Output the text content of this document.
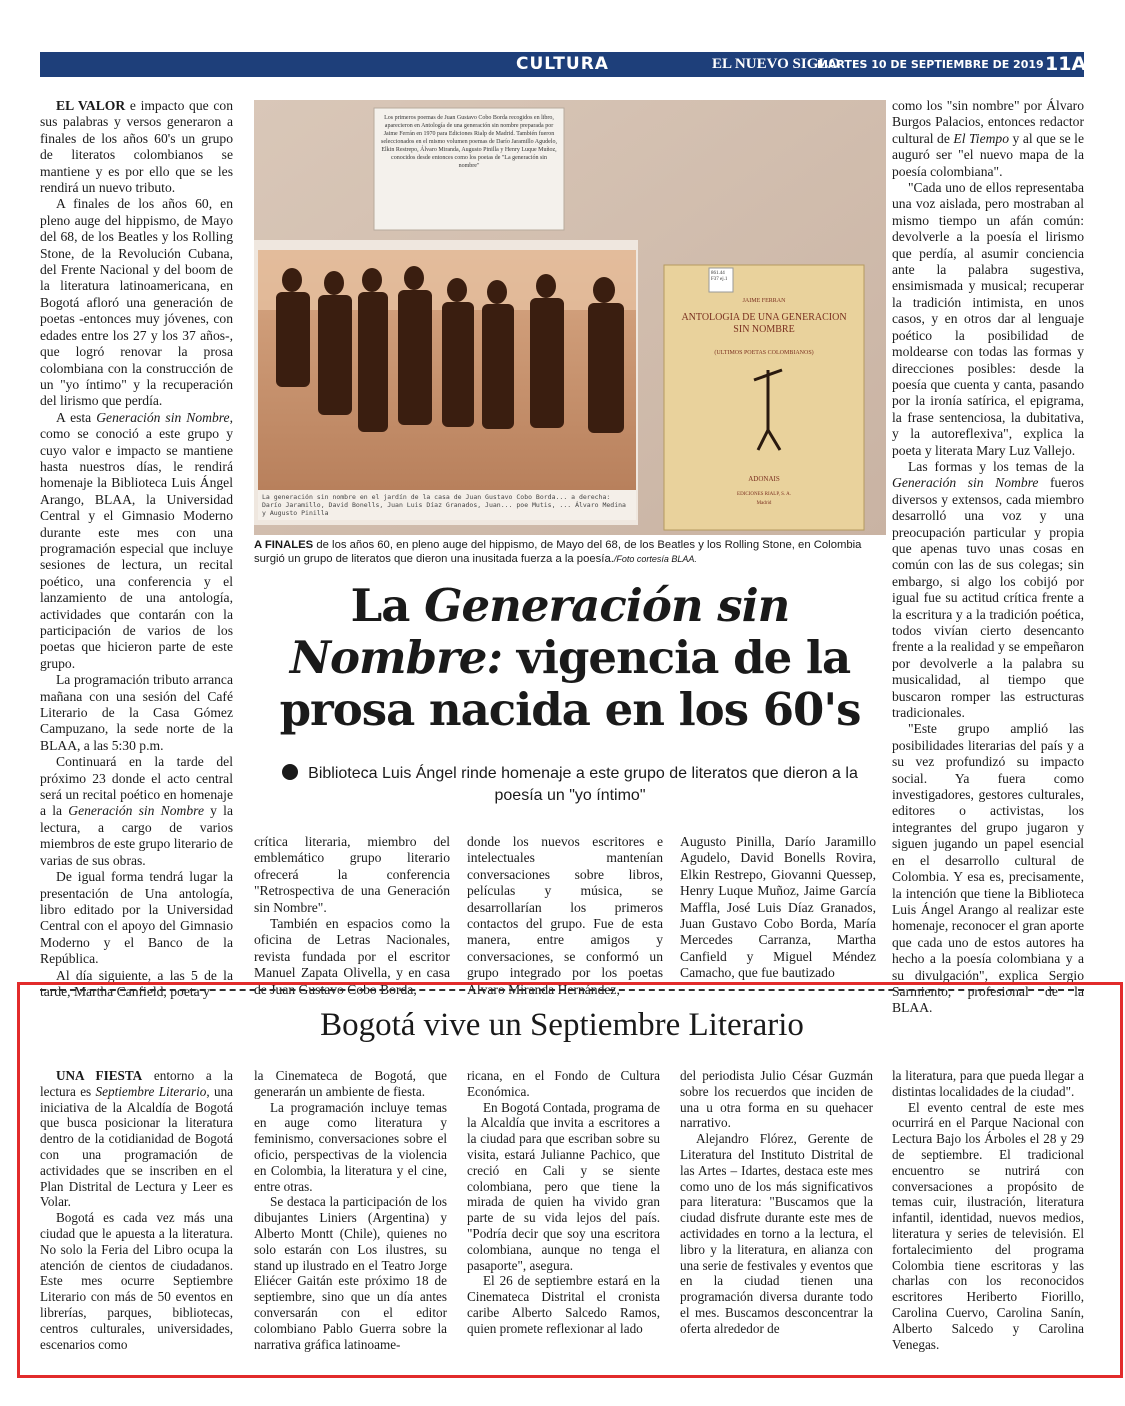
CULTURA	EL NUEVO SIGLO
MARTES 10 DE SEPTIEMBRE DE 2019 11A

EL VALOR e impacto que con sus palabras y versos generaron a finales de los años 60's un grupo de literatos colombianos se mantiene y es por ello que se les rendirá un nuevo tributo.

A finales de los años 60, en pleno auge del hippismo, de Mayo del 68, de los Beatles y los Rolling Stone, de la Revolución Cubana, del Frente Nacional y del boom de la literatura latinoamericana, en Bogotá afloró una generación de poetas -entonces muy jóvenes, con edades entre los 27 y los 37 años-, que logró renovar la prosa colombiana con la construcción de un "yo íntimo" y la recuperación del lirismo que perdía.

A esta Generación sin Nombre, como se conoció a este grupo y cuyo valor e impacto se mantiene hasta nuestros días, le rendirá homenaje la Biblioteca Luis Ángel Arango, BLAA, la Universidad Central y el Gimnasio Moderno durante este mes con una programación especial que incluye sesiones de lectura, un recital poético, una conferencia y el lanzamiento de una antología, actividades que contarán con la participación de varios de los poetas que hicieron parte de este grupo.

La programación tributo arranca mañana con una sesión del Café Literario de la Casa Gómez Campuzano, la sede norte de la BLAA, a las 5:30 p.m.

Continuará en la tarde del próximo 23 donde el acto central será un recital poético en homenaje a la Generación sin Nombre y la lectura, a cargo de varios miembros de este grupo literario de varias de sus obras.

De igual forma tendrá lugar la presentación de Una antología, libro editado por la Universidad Central con el apoyo del Gimnasio Moderno y el Banco de la República.

Al día siguiente, a las 5 de la tarde, Martha Canfield, poeta y

Los primeros poemas de Juan Gustavo Cobo Borda recogidos en libro, aparecieron en Antología de una generación sin nombre preparada por Jaime Ferrán en 1970 para Ediciones Rialp de Madrid. También fueron seleccionados en el mismo volumen poemas de Darío Jaramillo Agudelo, Elkin Restrepo, Álvaro Miranda, Augusto Pinilla y Henry Luque Muñoz, conocidos desde entonces como los poetas de "La generación sin nombre"
La generación sin nombre en el jardín de la casa de Juan Gustavo Cobo Borda... a derecha: Darío Jaramillo, David Bonells, Juan Luis Díaz Granados, Juan... poe Mutis, ... Álvaro Medina y Augusto Pinilla
861.44 F37 ej.1
JAIME FERRAN
ANTOLOGIA DE UNA GENERACION SIN NOMBRE
(ULTIMOS POETAS COLOMBIANOS)
ADONAIS
EDICIONES RIALP, S. A.
Madrid
A FINALES de los años 60, en pleno auge del hippismo, de Mayo del 68, de los Beatles y los Rolling Stone, en Colombia surgió un grupo de literatos que dieron una inusitada fuerza a la poesía./Foto cortesía BLAA.
La Generación sin Nombre: vigencia de la prosa nacida en los 60's
Biblioteca Luis Ángel rinde homenaje a este grupo de literatos que dieron a la poesía un "yo íntimo"

crítica literaria, miembro del emblemático grupo literario ofrecerá la conferencia "Retrospectiva de una Generación sin Nombre".

También en espacios como la oficina de Letras Nacionales, revista fundada por el escritor Manuel Zapata Olivella, y en casa de Juan Gustavo Cobo Borda,

donde los nuevos escritores e intelectuales mantenían conversaciones sobre libros, películas y música, se desarrollarían los primeros contactos del grupo. Fue de esta manera, entre amigos y conversaciones, se conformó un grupo integrado por los poetas Álvaro Miranda Hernández,

Augusto Pinilla, Darío Jaramillo Agudelo, David Bonells Rovira, Elkin Restrepo, Giovanni Quessep, Henry Luque Muñoz, Jaime García Maffla, José Luis Díaz Granados, Juan Gustavo Cobo Borda, María Mercedes Carranza, Martha Canfield y Miguel Méndez Camacho, que fue bautizado

como los "sin nombre" por Álvaro Burgos Palacios, entonces redactor cultural de El Tiempo y al que se le auguró ser "el nuevo mapa de la poesía colombiana".

"Cada uno de ellos representaba una voz aislada, pero mostraban al mismo tiempo un afán común: devolverle a la poesía el lirismo que perdía, al asumir conciencia ante la palabra sugestiva, ensimismada y musical; recuperar la tradición intimista, en unos casos, y en otros dar al lenguaje poético la posibilidad de moldearse con todas las formas y direcciones posibles: desde la poesía que cuenta y canta, pasando por la ironía satírica, el epigrama, la frase sentenciosa, la dubitativa, y la autoreflexiva", explica la poeta y literata Mary Luz Vallejo.

Las formas y los temas de la Generación sin Nombre fueros diversos y extensos, cada miembro desarrolló una voz y una preocupación particular y propia que apenas tuvo unas cosas en común con las de sus colegas; sin embargo, si algo los cobijó por igual fue su actitud crítica frente a la escritura y a la tradición poética, todos vivían cierto desencanto frente a la realidad y se empeñaron por devolverle a la palabra su musicalidad, al tiempo que buscaron romper las estructuras tradicionales.

"Este grupo amplió las posibilidades literarias del país y a su vez profundizó su impacto social. Ya fuera como investigadores, gestores culturales, editores o activistas, los integrantes del grupo jugaron y siguen jugando un papel esencial en el desarrollo cultural de Colombia. Y esa es, precisamente, la intención que tiene la Biblioteca Luis Ángel Arango al realizar este homenaje, reconocer el gran aporte que cada uno de estos autores ha hecho a la poesía colombiana y a su divulgación", explica Sergio Sarmiento, profesional de la BLAA.

Bogotá vive un Septiembre Literario

UNA FIESTA entorno a la lectura es Septiembre Literario, una iniciativa de la Alcaldía de Bogotá que busca posicionar la literatura dentro de la cotidianidad de Bogotá con una programación de actividades que se inscriben en el Plan Distrital de Lectura y Leer es Volar.

Bogotá es cada vez más una ciudad que le apuesta a la literatura. No solo la Feria del Libro ocupa la atención de cientos de ciudadanos. Este mes ocurre Septiembre Literario con más de 50 eventos en librerías, parques, bibliotecas, centros culturales, universidades, escenarios como

la Cinemateca de Bogotá, que generarán un ambiente de fiesta.

La programación incluye temas en auge como literatura y feminismo, conversaciones sobre el oficio, perspectivas de la violencia en Colombia, la literatura y el cine, entre otras.

Se destaca la participación de los dibujantes Liniers (Argentina) y Alberto Montt (Chile), quienes no solo estarán con Los ilustres, su stand up ilustrado en el Teatro Jorge Eliécer Gaitán este próximo 18 de septiembre, sino que un día antes conversarán con el editor colombiano Pablo Guerra sobre la narrativa gráfica latinoame-

ricana, en el Fondo de Cultura Económica.

En Bogotá Contada, programa de la Alcaldía que invita a escritores a la ciudad para que escriban sobre su visita, estará Julianne Pachico, que creció en Cali y se siente colombiana, pero que tiene la mirada de quien ha vivido gran parte de su vida lejos del país. "Podría decir que soy una escritora colombiana, aunque no tenga el pasaporte", asegura.

El 26 de septiembre estará en la Cinemateca Distrital el cronista caribe Alberto Salcedo Ramos, quien promete reflexionar al lado

del periodista Julio César Guzmán sobre los recuerdos que inciden de una u otra forma en su quehacer narrativo.

Alejandro Flórez, Gerente de Literatura del Instituto Distrital de las Artes – Idartes, destaca este mes como uno de los más significativos para literatura: "Buscamos que la ciudad disfrute durante este mes de actividades en torno a la lectura, el libro y la literatura, en alianza con una serie de festivales y eventos que en la ciudad tienen una programación diversa durante todo el mes. Buscamos desconcentrar la oferta alrededor de

la literatura, para que pueda llegar a distintas localidades de la ciudad".

El evento central de este mes ocurrirá en el Parque Nacional con Lectura Bajo los Árboles el 28 y 29 de septiembre. El tradicional encuentro se nutrirá con conversaciones a propósito de temas cuir, ilustración, literatura infantil, identidad, nuevos medios, literatura y series de televisión. El fortalecimiento del programa Colombia tiene escritoras y las charlas con los reconocidos escritores Heriberto Fiorillo, Carolina Cuervo, Carolina Sanín, Alberto Salcedo y Carolina Venegas.
